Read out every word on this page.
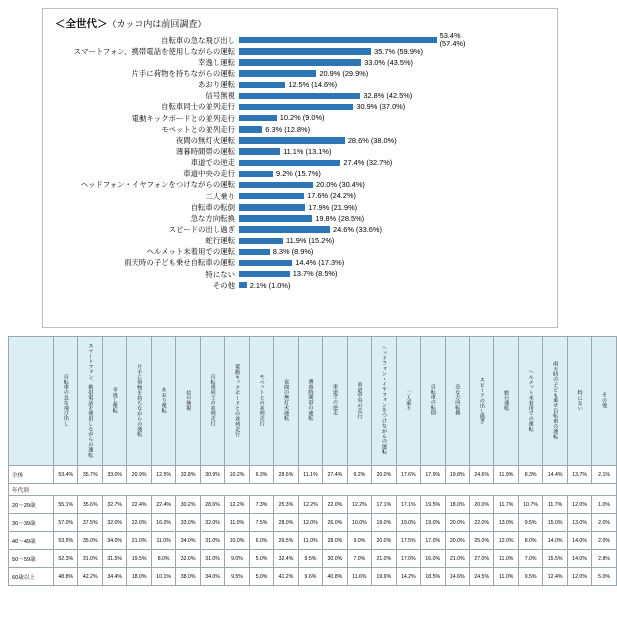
＜全世代＞（カッコ内は前回調査）
自転車の急な飛び出し
53.4%
(57.4%)
スマートフォン、携帯電話を使用しながらの運転	35.7% (59.9%)
幸逸し運転	33.0% (43.5%)
片手に荷物を持ちながらの運転	20.9% (29.9%)
あおり運転	12.5% (14.6%)
信号無視	32.8% (42.5%)
自転車同士の並列走行	30.9% (37.0%)
電動キックボードとの並列走行	10.2% (9.0%)
モペットとの並列走行	6.3% (12.8%)
夜間の無灯火運転	28.6% (38.0%)
薄暮時間帯の運転	11.1% (13.1%)
車道での逆走	27.4% (32.7%)
車道中央の走行	9.2% (15.7%)
ヘッドフォン・イヤフォンをつけながらの運転	20.0% (30.4%)
二人乗り	17.6% (24.2%)
自転車の転倒	17.9% (21.9%)
急な方向転換	19.8% (28.5%)
スピードの出し過ぎ	24.6% (33.6%)
蛇行運転	11.9% (15.2%)
ヘルメット未着用での運転	8.3% (8.9%)
雨天時の子ども乗せ自転車の運転	14.4% (17.3%)
特にない	13.7% (8.5%)
その他	2.1% (1.0%)
	自転車の急な飛び出し	スマートフォン、携帯電話を使用しながらの運転	幸逸し運転	片手に荷物を持ちながらの運転	あおり運転	信号無視	自転車同士の並列走行	電動キックボードとの並列走行	モペットとの並列走行	夜間の無灯火運転	薄暮時間帯の運転	車道での逆走	車道中央の走行	ヘッドフォン・イヤフォンをつけながらの運転	二人乗り	自転車の転倒	急な方向転換	スピードの出し過ぎ	蛇行運転	ヘルメット未着用での運転	雨天時の子ども乗せ自転車の運転	特にない	その他
全体	53.4%	35.7%	33.0%	20.9%	12.5%	32.8%	30.9%	10.2%	6.3%	28.6%	11.1%	27.4%	9.2%	20.0%	17.6%	17.9%	19.8%	24.6%	11.9%	8.3%	14.4%	13.7%	2.1%
年代別																							
20～29歳	55.1%	35.6%	32.7%	22.4%	22.4%	30.2%	28.6%	12.2%	7.3%	25.3%	12.2%	22.0%	12.2%	17.1%	17.1%	19.5%	18.0%	20.0%	11.7%	10.7%	11.7%	12.0%	1.0%
30～39歳	57.0%	37.5%	32.0%	22.0%	16.0%	33.0%	32.0%	11.0%	7.5%	28.0%	12.0%	26.0%	10.0%	19.0%	19.0%	19.0%	20.0%	22.0%	13.0%	9.5%	15.0%	13.0%	2.0%
40～49歳	53.5%	35.0%	34.0%	21.0%	11.0%	34.0%	31.0%	10.0%	6.0%	29.5%	11.0%	28.0%	9.0%	20.0%	17.5%	17.0%	20.0%	25.0%	12.0%	8.0%	14.0%	14.0%	2.0%
50～59歳	52.3%	31.0%	31.5%	19.5%	8.0%	32.0%	31.0%	9.0%	5.0%	32.4%	9.5%	30.0%	7.0%	21.0%	17.0%	16.0%	21.0%	27.0%	11.0%	7.0%	15.5%	14.0%	2.8%
60歳以上	48.8%	42.2%	34.4%	18.0%	10.1%	38.0%	34.0%	9.5%	5.0%	41.2%	9.6%	40.8%	11.6%	19.9%	14.2%	18.5%	14.6%	24.5%	11.0%	9.5%	12.4%	12.0%	5.0%
